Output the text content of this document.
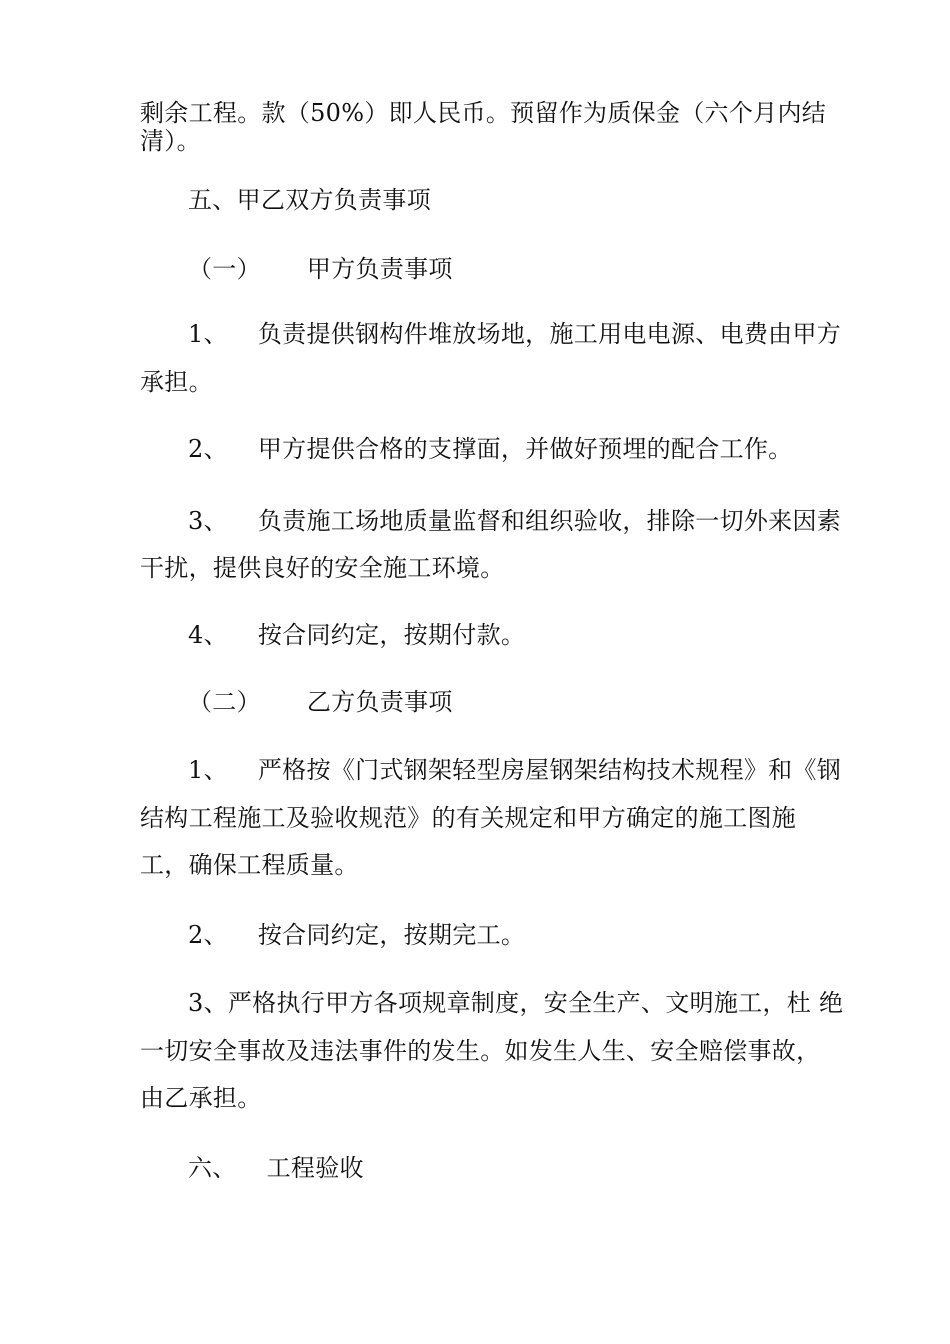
剩余工程。款（50%）即人民币。预留作为质保金（六个月内结
清）。
五、甲乙双方负责事项
（一） 甲方负责事项
1、 负责提供钢构件堆放场地，施工用电电源、电费由甲方
承担。
2、 甲方提供合格的支撑面，并做好预埋的配合工作。
3、 负责施工场地质量监督和组织验收，排除一切外来因素
干扰，提供良好的安全施工环境。
4、 按合同约定，按期付款。
（二） 乙方负责事项
1、 严格按《门式钢架轻型房屋钢架结构技术规程》和《钢
结构工程施工及验收规范》的有关规定和甲方确定的施工图施
工，确保工程质量。
2、 按合同约定，按期完工。
3、严格执行甲方各项规章制度，安全生产、文明施工，杜 绝
一切安全事故及违法事件的发生。如发生人生、安全赔偿事故，
由乙承担。
六、 工程验收
